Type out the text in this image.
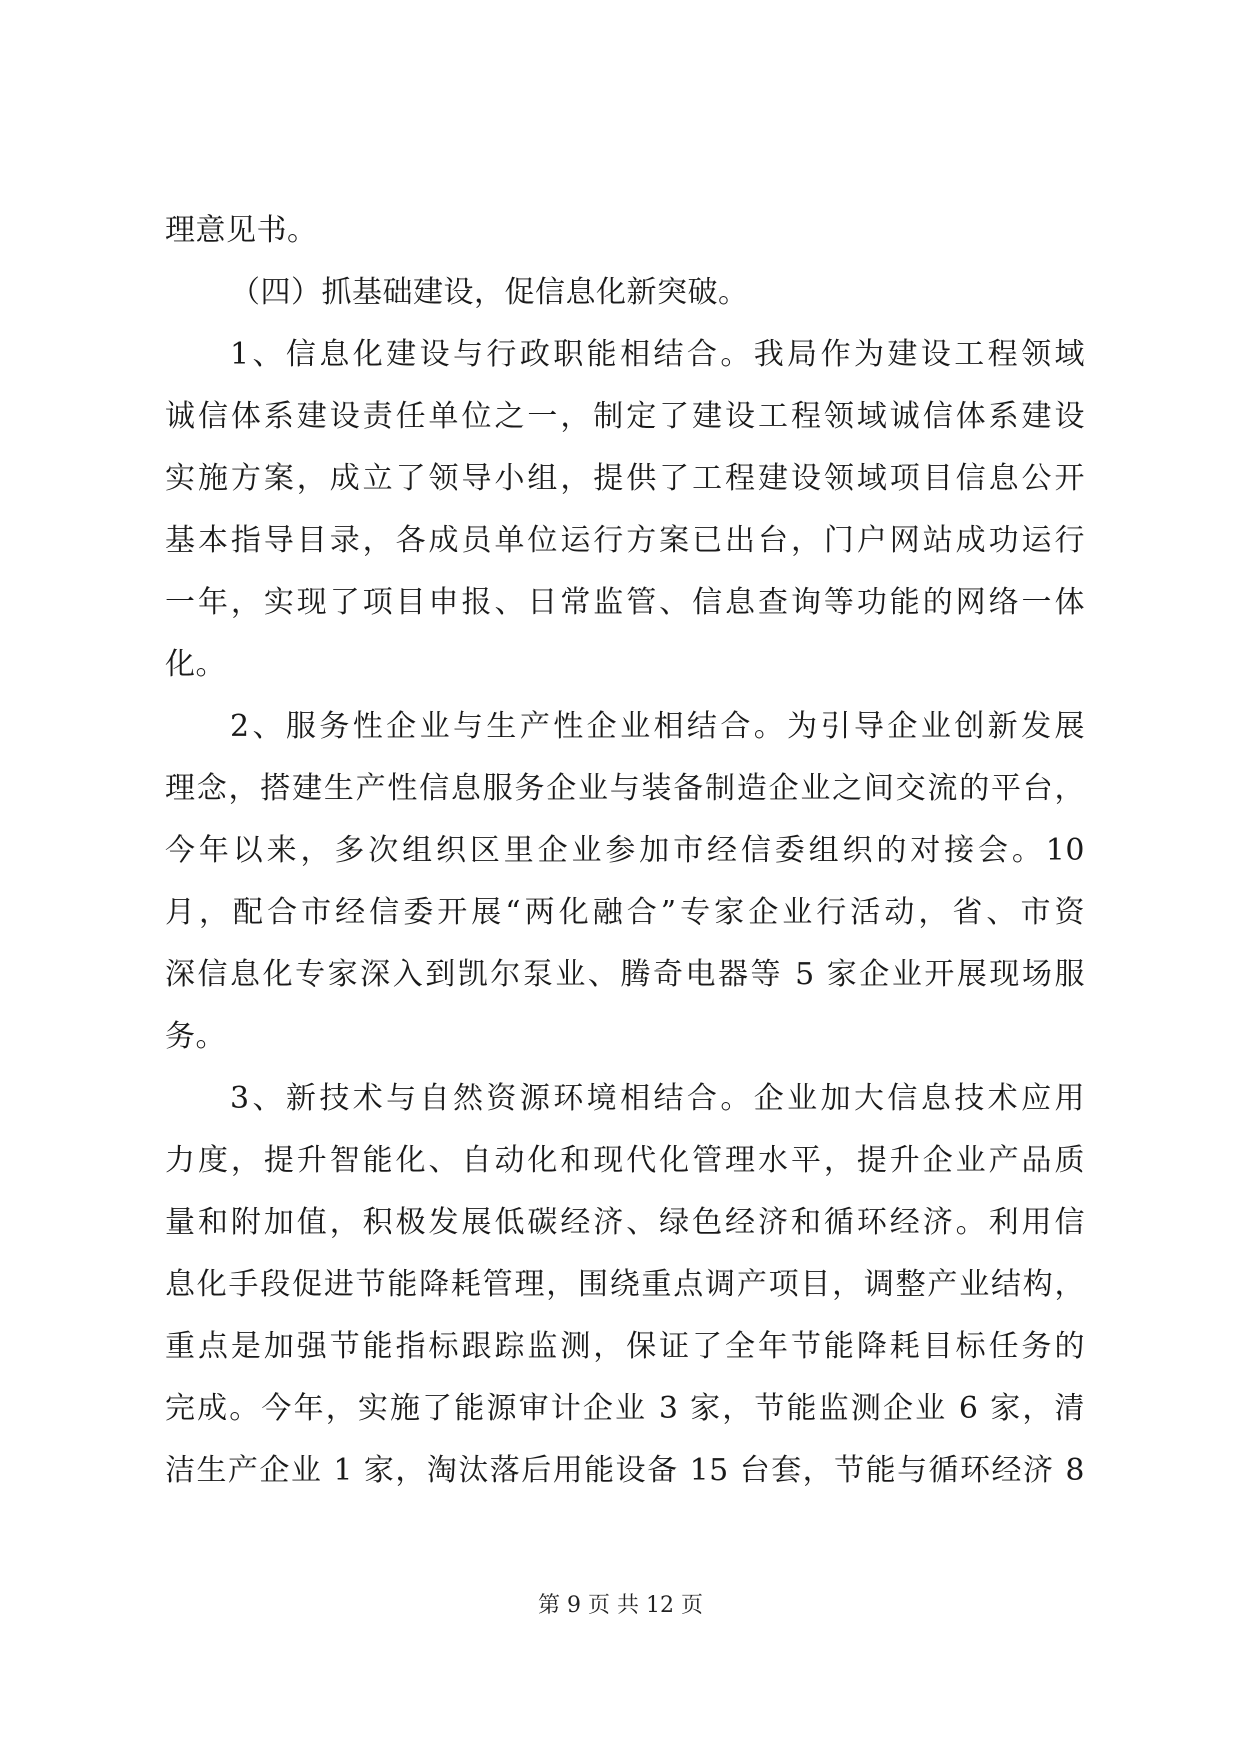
理意见书。
（四）抓基础建设，促信息化新突破。
1、信息化建设与行政职能相结合。我局作为建设工程领域
诚信体系建设责任单位之一，制定了建设工程领域诚信体系建设
实施方案，成立了领导小组，提供了工程建设领域项目信息公开
基本指导目录，各成员单位运行方案已出台，门户网站成功运行
一年，实现了项目申报、日常监管、信息查询等功能的网络一体
化。
2、服务性企业与生产性企业相结合。为引导企业创新发展
理念，搭建生产性信息服务企业与装备制造企业之间交流的平台，
今年以来，多次组织区里企业参加市经信委组织的对接会。10
月，配合市经信委开展“两化融合”专家企业行活动，省、市资
深信息化专家深入到凯尔泵业、腾奇电器等 5 家企业开展现场服
务。
3、新技术与自然资源环境相结合。企业加大信息技术应用
力度，提升智能化、自动化和现代化管理水平，提升企业产品质
量和附加值，积极发展低碳经济、绿色经济和循环经济。利用信
息化手段促进节能降耗管理，围绕重点调产项目，调整产业结构，
重点是加强节能指标跟踪监测，保证了全年节能降耗目标任务的
完成。今年，实施了能源审计企业 3 家，节能监测企业 6 家，清
洁生产企业 1 家，淘汰落后用能设备 15 台套，节能与循环经济 8
第 9 页 共 12 页
